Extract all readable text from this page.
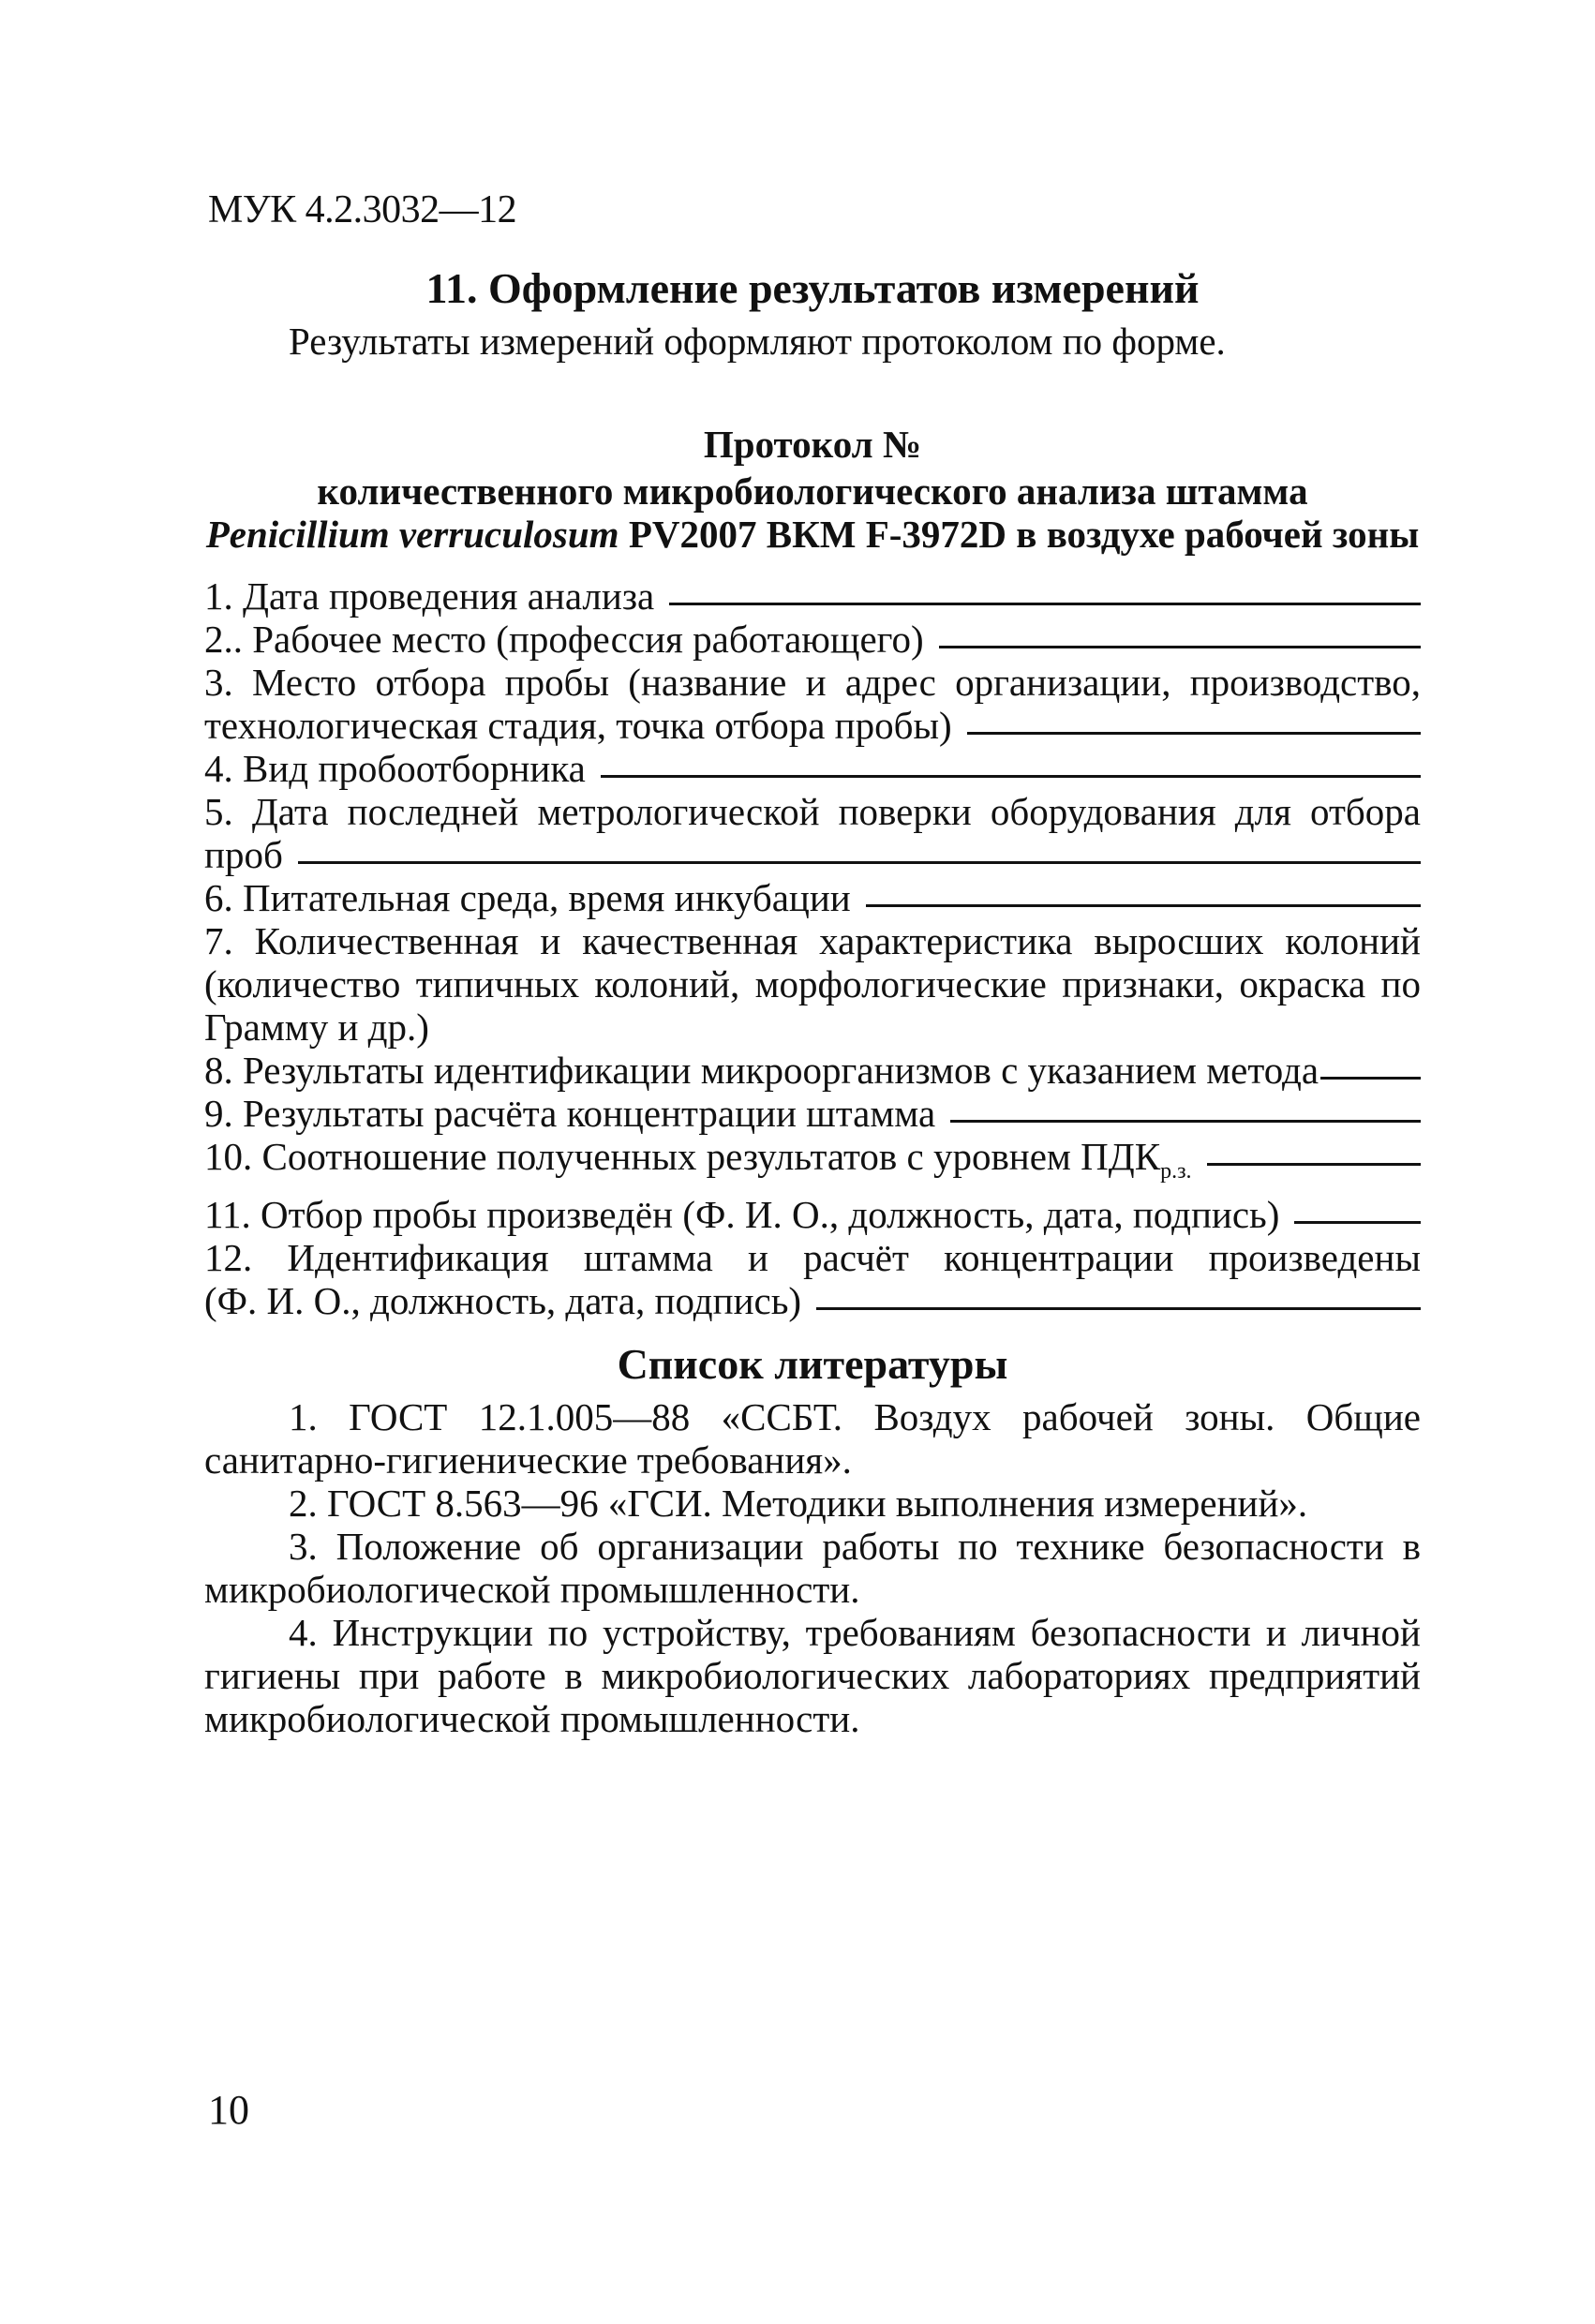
МУК 4.2.3032—12
11. Оформление результатов измерений
Результаты измерений оформляют протоколом по форме.
Протокол №
количественного микробиологического анализа штамма
Penicillium verruculosum PV2007 ВКМ F-3972D в воздухе рабочей зоны
1. Дата проведения анализа
2.. Рабочее место (профессия работающего)
3. Место отбора пробы (название и адрес организации, производство,
технологическая стадия, точка отбора пробы)
4. Вид пробоотборника
5. Дата последней метрологической поверки оборудования для отбора
проб
6. Питательная среда, время инкубации
7. Количественная и качественная характеристика выросших колоний
(количество типичных колоний, морфологические признаки, окраска по
Грамму и др.)
8. Результаты идентификации микроорганизмов с указанием метода
9. Результаты расчёта концентрации штамма
10. Соотношение полученных результатов с уровнем $ПДК_{р.з.}$
11. Отбор пробы произведён (Ф. И. О., должность, дата, подпись)
12. Идентификация штамма и расчёт концентрации произведены
(Ф. И. О., должность, дата, подпись)
Список литературы

1. ГОСТ 12.1.005—88 «ССБТ. Воздух рабочей зоны. Общие санитарно-гигиенические требования».

2. ГОСТ 8.563—96 «ГСИ. Методики выполнения измерений».

3. Положение об организации работы по технике безопасности в микробиологической промышленности.

4. Инструкции по устройству, требованиям безопасности и личной гигиены при работе в микробиологических лабораториях предприятий микробиологической промышленности.

10
